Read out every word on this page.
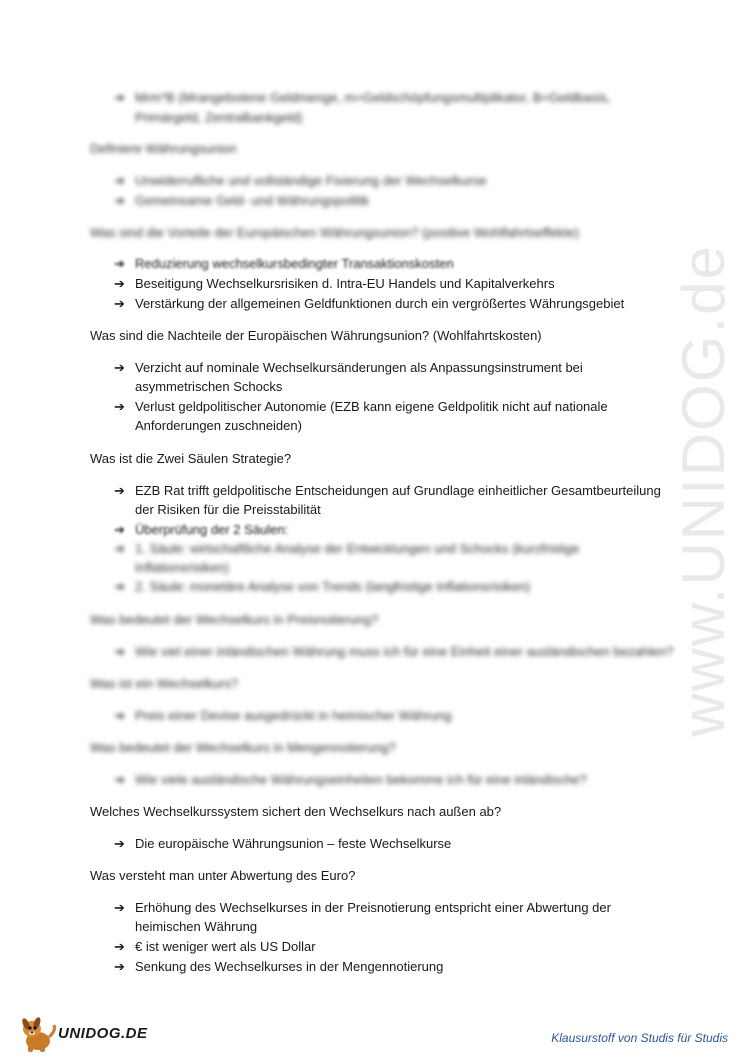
www.UNIDOG.de
➔ Mrm*B (Mrangebotene Geldmenge, m=Geldschöpfungsmultiplikator, B=Geldbasis,
Primärgeld, Zentralbankgeld)
Definiere Währungsunion
➔ Unwiderrufliche und vollständige Fixierung der Wechselkurse
➔ Gemeinsame Geld- und Währungspolitik
Was sind die Vorteile der Europäischen Währungsunion? (positive Wohlfahrtseffekte)
➔ Reduzierung wechselkursbedingter Transaktionskosten
➔ Beseitigung Wechselkursrisiken d. Intra-EU Handels und Kapitalverkehrs
➔ Verstärkung der allgemeinen Geldfunktionen durch ein vergrößertes Währungsgebiet
Was sind die Nachteile der Europäischen Währungsunion? (Wohlfahrtskosten)
➔ Verzicht auf nominale Wechselkursänderungen als Anpassungsinstrument bei
asymmetrischen Schocks
➔ Verlust geldpolitischer Autonomie (EZB kann eigene Geldpolitik nicht auf nationale
Anforderungen zuschneiden)
Was ist die Zwei Säulen Strategie?
➔ EZB Rat trifft geldpolitische Entscheidungen auf Grundlage einheitlicher Gesamtbeurteilung
der Risiken für die Preisstabilität
➔ Überprüfung der 2 Säulen:
➔ 1. Säule: wirtschaftliche Analyse der Entwicklungen und Schocks (kurzfristige
Inflationsrisiken)
➔ 2. Säule: monetäre Analyse von Trends (langfristige Inflationsrisiken)
Was bedeutet der Wechselkurs in Preisnotierung?
➔ Wie viel einer inländischen Währung muss ich für eine Einheit einer ausländischen bezahlen?
Was ist ein Wechselkurs?
➔ Preis einer Devise ausgedrückt in heimischer Währung
Was bedeutet der Wechselkurs in Mengennotierung?
➔ Wie viele ausländische Währungseinheiten bekomme ich für eine inländische?
Welches Wechselkurssystem sichert den Wechselkurs nach außen ab?
➔ Die europäische Währungsunion – feste Wechselkurse
Was versteht man unter Abwertung des Euro?
➔ Erhöhung des Wechselkurses in der Preisnotierung entspricht einer Abwertung der
heimischen Währung
➔ € ist weniger wert als US Dollar
➔ Senkung des Wechselkurses in der Mengennotierung
UNIDOG.DE	Klausurstoff von Studis für Studis
